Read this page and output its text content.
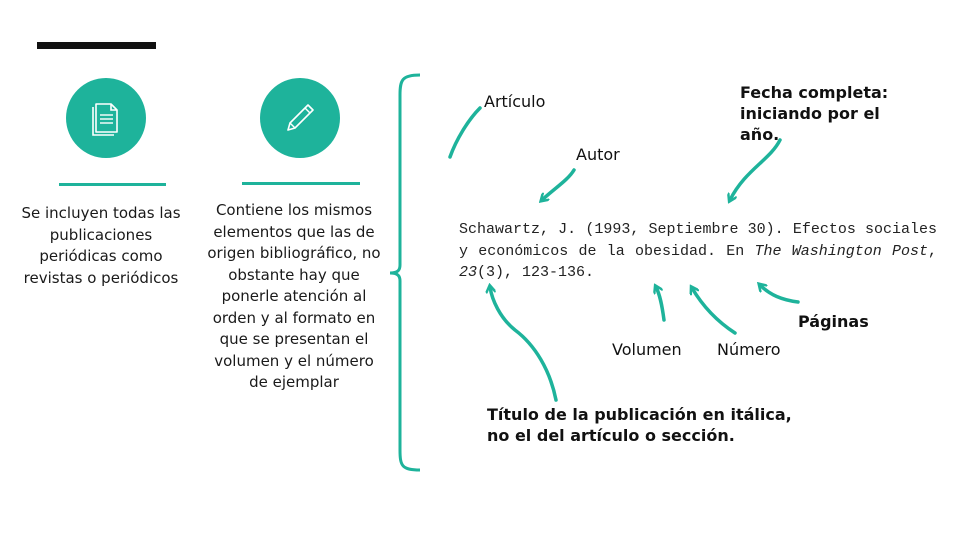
Se incluyen todas las publicaciones periódicas como revistas o periódicos
Contiene los mismos elementos que las de origen bibliográfico, no obstante hay que ponerle atención al orden y al formato en que se presentan el volumen y el número de ejemplar
Artículo
Autor
Fecha completa: iniciando por el año.
Schawartz, J. (1993, Septiembre 30). Efectos sociales y económicos de la obesidad. En The Washington Post, 23(3), 123-136.
Páginas
Volumen Número
Título de la publicación en itálica, no el del artículo o sección.
